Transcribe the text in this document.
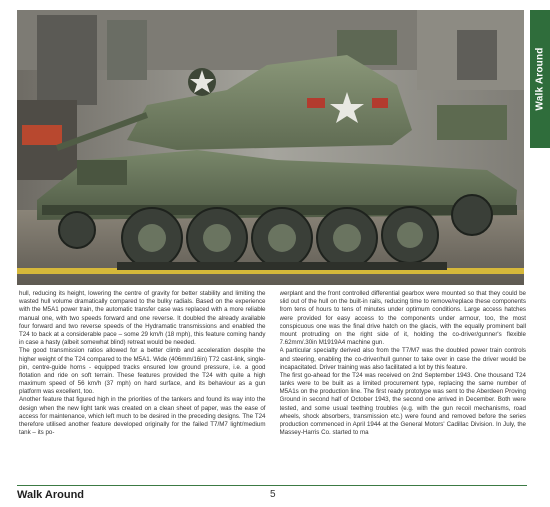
Walk Around

hull, reducing its height, lowering the centre of gravity for better stability and limiting the wasted hull volume dramatically compared to the bulky radials. Based on the experience with the M5A1 power train, the automatic transfer case was replaced with a more reliable manual one, with two speeds forward and one reverse. It doubled the already available four forward and two reverse speeds of the Hydramatic transmissions and enabled the T24 to back at a considerable pace – some 29 km/h (18 mph), this feature coming handy in case a hasty (albeit somewhat blind) retreat would be needed.

The good transmission ratios allowed for a better climb and acceleration despite the higher weight of the T24 compared to the M5A1. Wide (406mm/16in) T72 cast-link, single-pin, centre-guide horns - equipped tracks ensured low ground pressure, i.e. a good flotation and ride on soft terrain. These features provided the T24 with quite a high maximum speed of 56 km/h (37 mph) on hard surface, and its behaviour as a gun platform was excellent, too.

Another feature that figured high in the priorities of the tankers and found its way into the design when the new light tank was created on a clean sheet of paper, was the ease of access for maintenance, which left much to be desired in the preceding designs. The T24 therefore utilised another feature developed originally for the failed T7/M7 light/medium tank – its po-

werplant and the front controlled differential gearbox were mounted so that they could be slid out of the hull on the built-in rails, reducing time to remove/replace these components from tens of hours to tens of minutes under optimum conditions. Large access hatches were provided for easy access to the components under armour, too, the most conspicuous one was the final drive hatch on the glacis, with the equally prominent ball mount protruding on the right side of it, holding the co-driver/gunner's flexible 7.62mm/.30in M1919A4 machine gun.

A particular specialty derived also from the T7/M7 was the doubled power train controls and steering, enabling the co-driver/hull gunner to take over in case the driver would be incapacitated. Driver training was also facilitated a lot by this feature.

The first go-ahead for the T24 was received on 2nd September 1943. One thousand T24 tanks were to be built as a limited procurement type, replacing the same number of M5A1s on the production line. The first ready prototype was sent to the Aberdeen Proving Ground in second half of October 1943, the second one arrived in December. Both were tested, and some usual teething troubles (e.g. with the gun recoil mechanisms, road wheels, shock absorbers, transmission etc.) were found and removed before the series production commenced in April 1944 at the General Motors' Cadillac Division. In July, the Massey-Harris Co. started to ma

Walk Around	5
